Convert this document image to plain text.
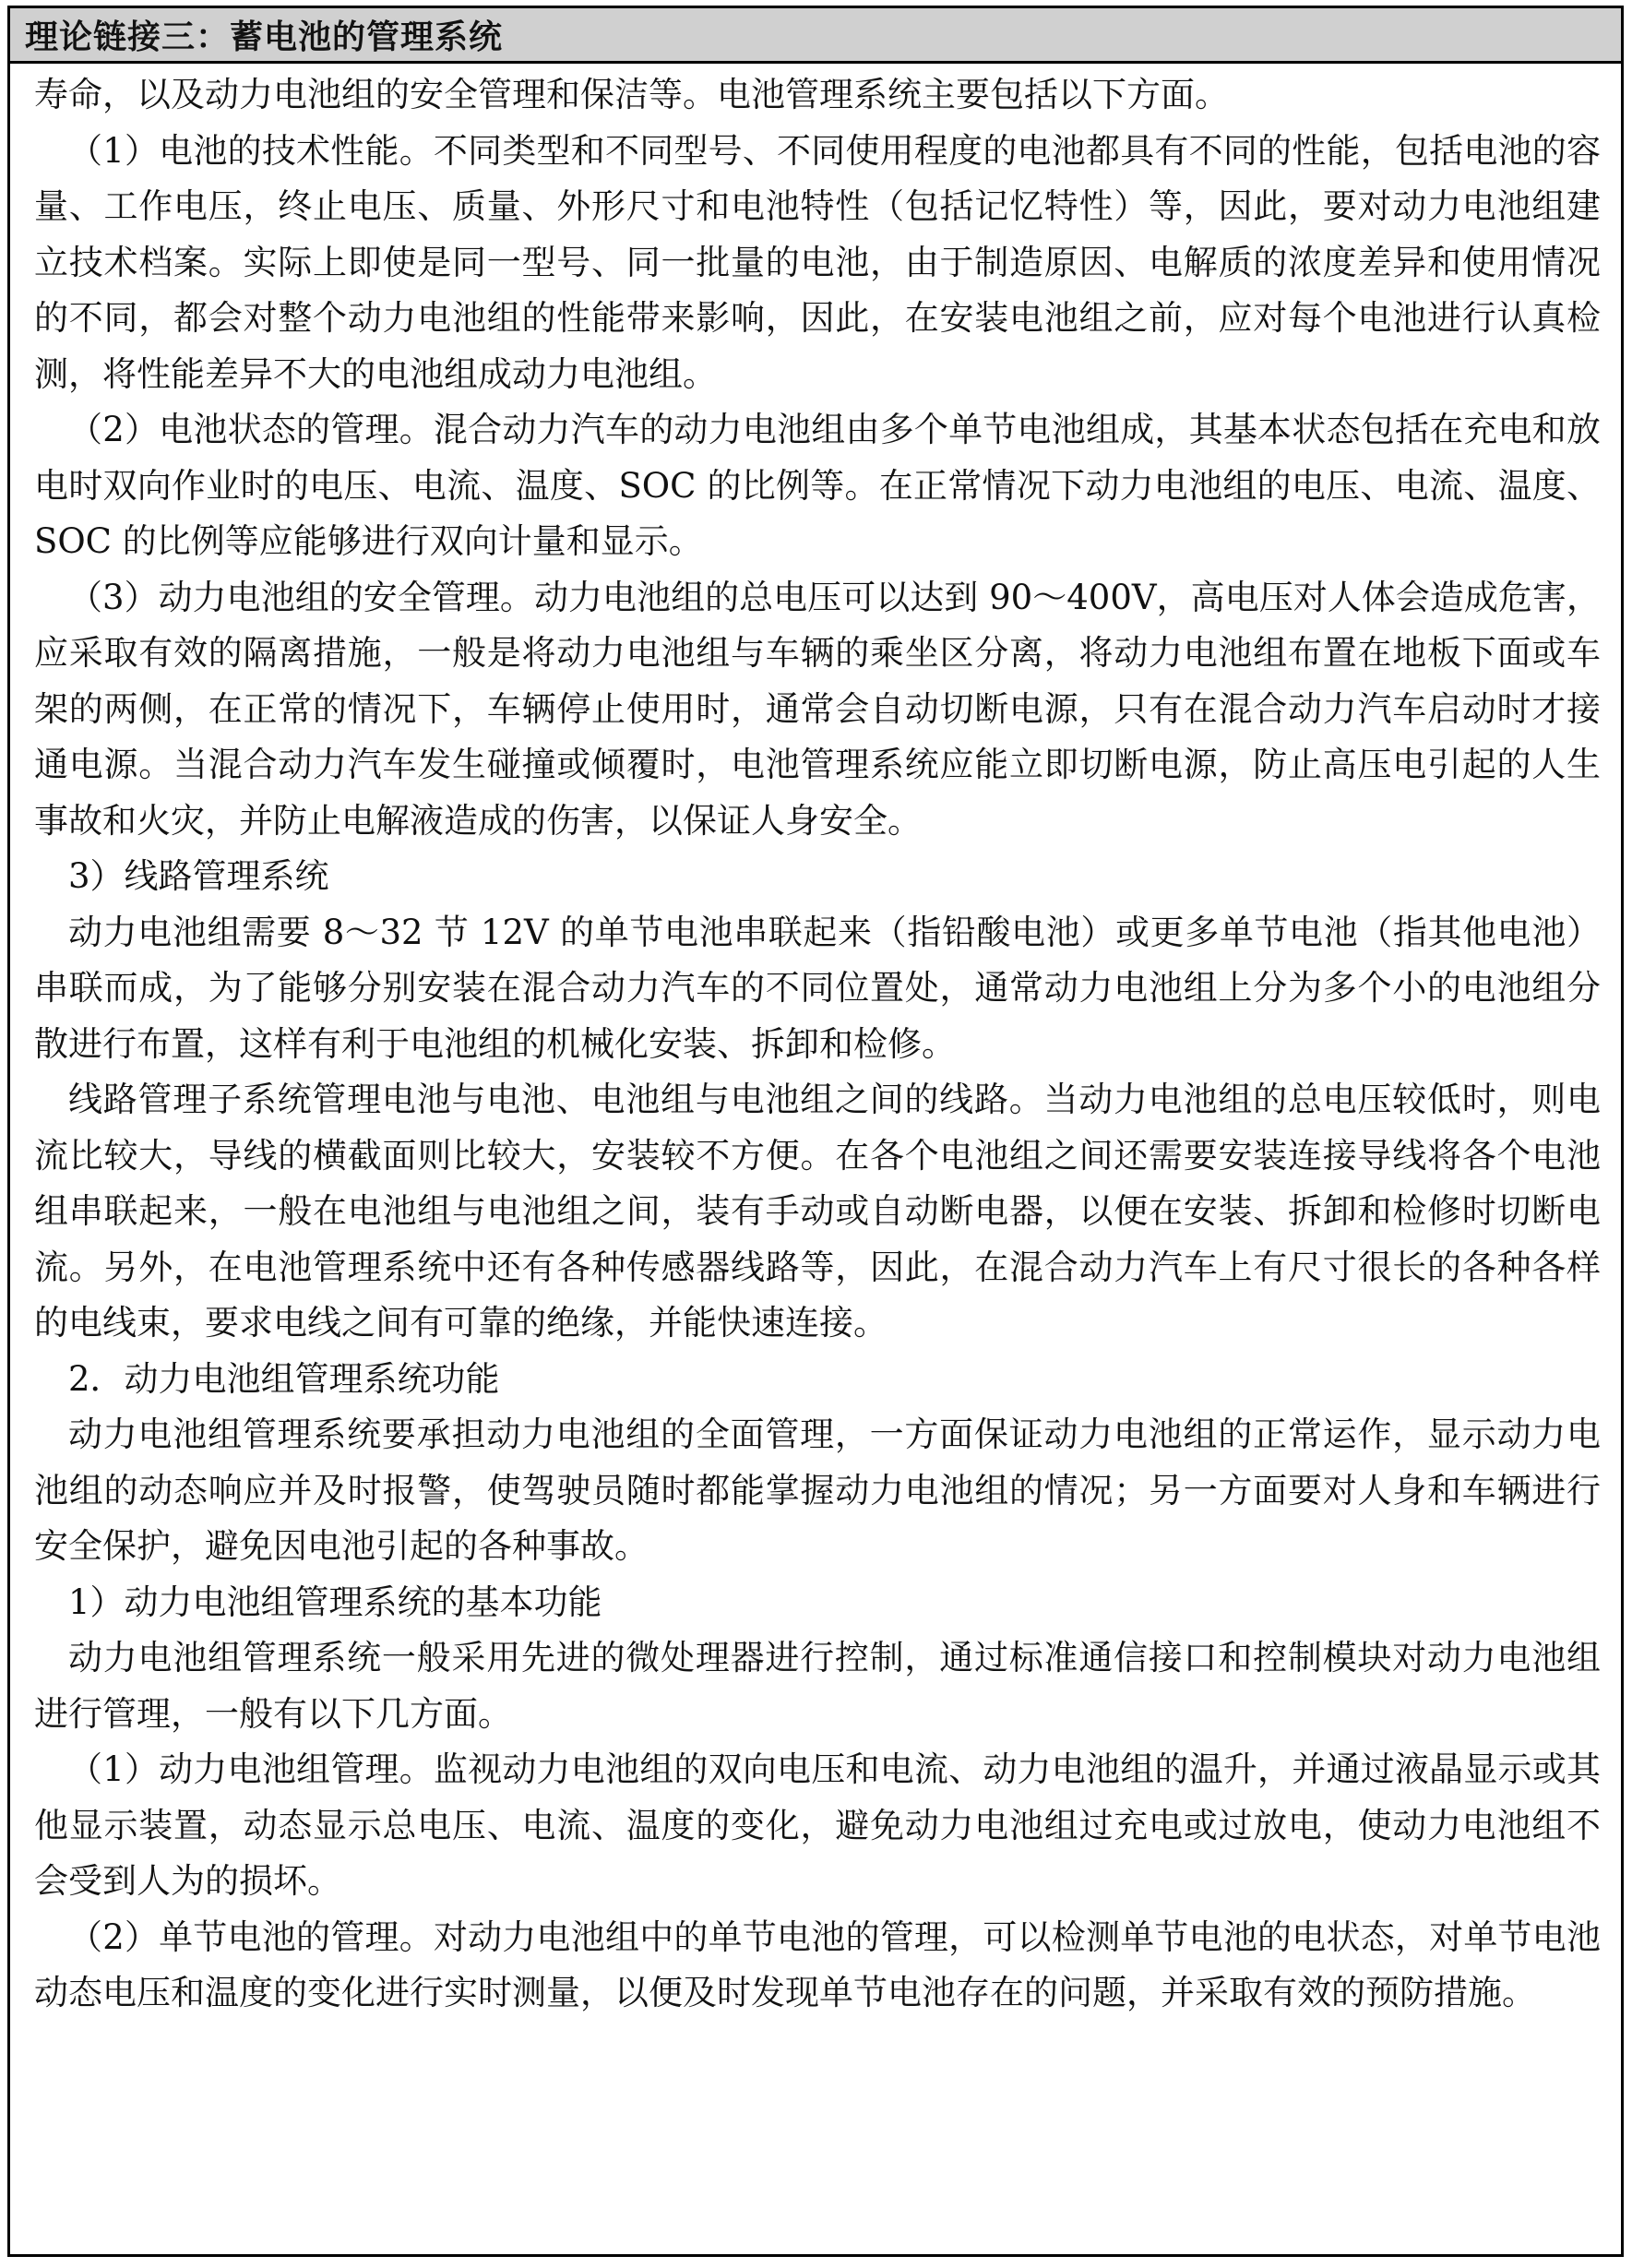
理论链接三：蓄电池的管理系统

寿命，以及动力电池组的安全管理和保洁等。电池管理系统主要包括以下方面。

（1）电池的技术性能。不同类型和不同型号、不同使用程度的电池都具有不同的性能，包括电池的容量、工作电压，终止电压、质量、外形尺寸和电池特性（包括记忆特性）等，因此，要对动力电池组建立技术档案。实际上即使是同一型号、同一批量的电池，由于制造原因、电解质的浓度差异和使用情况的不同，都会对整个动力电池组的性能带来影响，因此，在安装电池组之前，应对每个电池进行认真检测，将性能差异不大的电池组成动力电池组。

（2）电池状态的管理。混合动力汽车的动力电池组由多个单节电池组成，其基本状态包括在充电和放电时双向作业时的电压、电流、温度、SOC 的比例等。在正常情况下动力电池组的电压、电流、温度、SOC 的比例等应能够进行双向计量和显示。

（3）动力电池组的安全管理。动力电池组的总电压可以达到 90～400V，高电压对人体会造成危害，应采取有效的隔离措施，一般是将动力电池组与车辆的乘坐区分离，将动力电池组布置在地板下面或车架的两侧，在正常的情况下，车辆停止使用时，通常会自动切断电源，只有在混合动力汽车启动时才接通电源。当混合动力汽车发生碰撞或倾覆时，电池管理系统应能立即切断电源，防止高压电引起的人生事故和火灾，并防止电解液造成的伤害，以保证人身安全。

3）线路管理系统

动力电池组需要 8～32 节 12V 的单节电池串联起来（指铅酸电池）或更多单节电池（指其他电池）串联而成，为了能够分别安装在混合动力汽车的不同位置处，通常动力电池组上分为多个小的电池组分散进行布置，这样有利于电池组的机械化安装、拆卸和检修。

线路管理子系统管理电池与电池、电池组与电池组之间的线路。当动力电池组的总电压较低时，则电流比较大，导线的横截面则比较大，安装较不方便。在各个电池组之间还需要安装连接导线将各个电池组串联起来，一般在电池组与电池组之间，装有手动或自动断电器，以便在安装、拆卸和检修时切断电流。另外，在电池管理系统中还有各种传感器线路等，因此，在混合动力汽车上有尺寸很长的各种各样的电线束，要求电线之间有可靠的绝缘，并能快速连接。

2．动力电池组管理系统功能

动力电池组管理系统要承担动力电池组的全面管理，一方面保证动力电池组的正常运作，显示动力电池组的动态响应并及时报警，使驾驶员随时都能掌握动力电池组的情况；另一方面要对人身和车辆进行安全保护，避免因电池引起的各种事故。

1）动力电池组管理系统的基本功能

动力电池组管理系统一般采用先进的微处理器进行控制，通过标准通信接口和控制模块对动力电池组进行管理，一般有以下几方面。

（1）动力电池组管理。监视动力电池组的双向电压和电流、动力电池组的温升，并通过液晶显示或其他显示装置，动态显示总电压、电流、温度的变化，避免动力电池组过充电或过放电，使动力电池组不会受到人为的损坏。

（2）单节电池的管理。对动力电池组中的单节电池的管理，可以检测单节电池的电状态，对单节电池动态电压和温度的变化进行实时测量，以便及时发现单节电池存在的问题，并采取有效的预防措施。
